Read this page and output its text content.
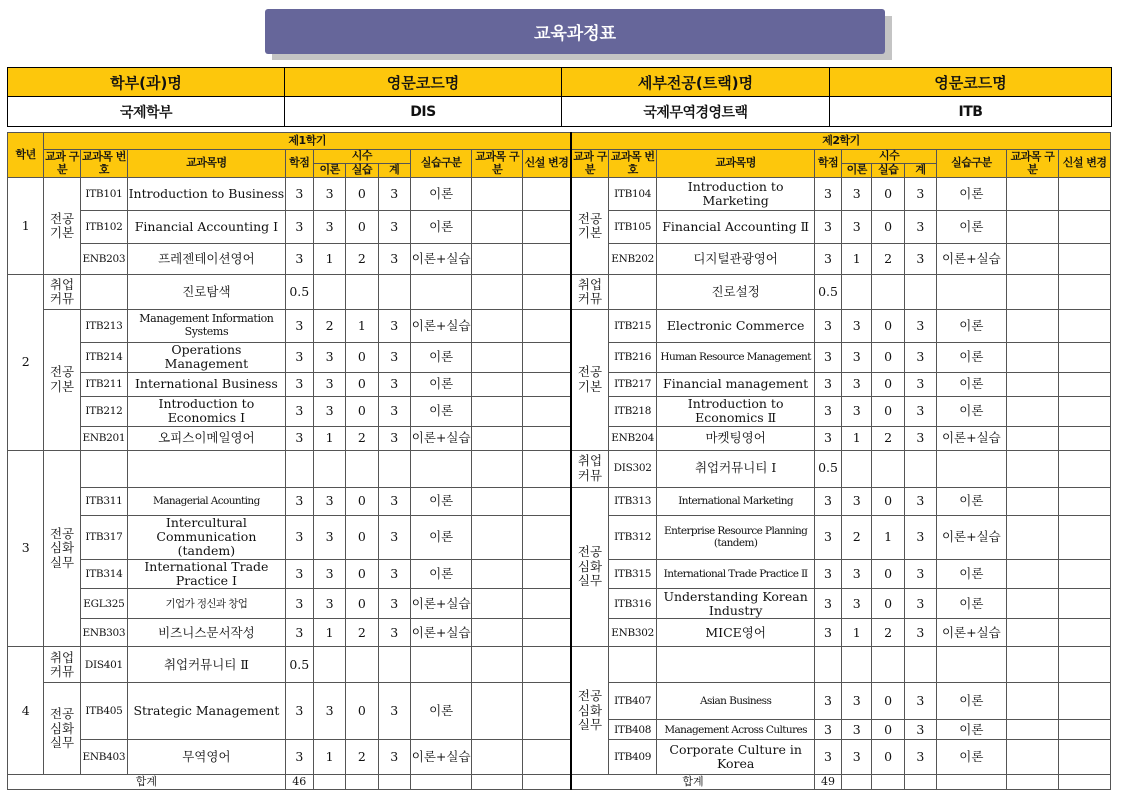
교육과정표
학부(과)명	영문코드명	세부전공(트랙)명	영문코드명
국제학부	DIS	국제무역경영트랙	ITB
학년	제1학기										제2학기									
	교과 구분	교과목 번호	교과목명	학점	시수			실습구분	교과목 구분	신설 변경	교과 구분	교과목 번호	교과목명	학점	시수			실습구분	교과목 구분	신설 변경
					이론	실습	계								이론	실습	계			
1	전공 기본	ITB101	Introduction to Business	3	3	0	3	이론			전공 기본	ITB104	Introduction to Marketing	3	3	0	3	이론		
		ITB102	Financial Accounting Ⅰ	3	3	0	3	이론				ITB105	Financial Accounting Ⅱ	3	3	0	3	이론		
		ENB203	프레젠테이션영어	3	1	2	3	이론+실습				ENB202	디지털관광영어	3	1	2	3	이론+실습		
2	취업 커뮤		진로탐색	0.5							취업 커뮤		진로설정	0.5						
	전공 기본	ITB213	Management Information Systems	3	2	1	3	이론+실습			전공 기본	ITB215	Electronic Commerce	3	3	0	3	이론		
		ITB214	Operations Management	3	3	0	3	이론				ITB216	Human Resource Management	3	3	0	3	이론		
		ITB211	International Business	3	3	0	3	이론				ITB217	Financial management	3	3	0	3	이론		
		ITB212	Introduction to Economics Ⅰ	3	3	0	3	이론				ITB218	Introduction to Economics Ⅱ	3	3	0	3	이론		
		ENB201	오피스이메일영어	3	1	2	3	이론+실습				ENB204	마켓팅영어	3	1	2	3	이론+실습		
3	전공 심화 실무										취업 커뮤	DIS302	취업커뮤니티 Ⅰ	0.5						
		ITB311	Managerial Acounting	3	3	0	3	이론			전공 심화 실무	ITB313	International Marketing	3	3	0	3	이론		
		ITB317	Intercultural Communication (tandem)	3	3	0	3	이론				ITB312	Enterprise Resource Planning (tandem)	3	2	1	3	이론+실습		
		ITB314	International Trade Practice Ⅰ	3	3	0	3	이론				ITB315	International Trade Practice Ⅱ	3	3	0	3	이론		
		EGL325	기업가 정신과 창업	3	3	0	3	이론+실습				ITB316	Understanding Korean Industry	3	3	0	3	이론		
		ENB303	비즈니스문서작성	3	1	2	3	이론+실습				ENB302	MICE영어	3	1	2	3	이론+실습		
4	취업 커뮤	DIS401	취업커뮤니티 Ⅱ	0.5							전공 심화 실무									
	전공 심화 실무	ITB405	Strategic Management	3	3	0	3	이론				ITB407	Asian Business	3	3	0	3	이론		
												ITB408	Management Across Cultures	3	3	0	3	이론		
		ENB403	무역영어	3	1	2	3	이론+실습				ITB409	Corporate Culture in Korea	3	3	0	3	이론		
합계				46							합계			49						
